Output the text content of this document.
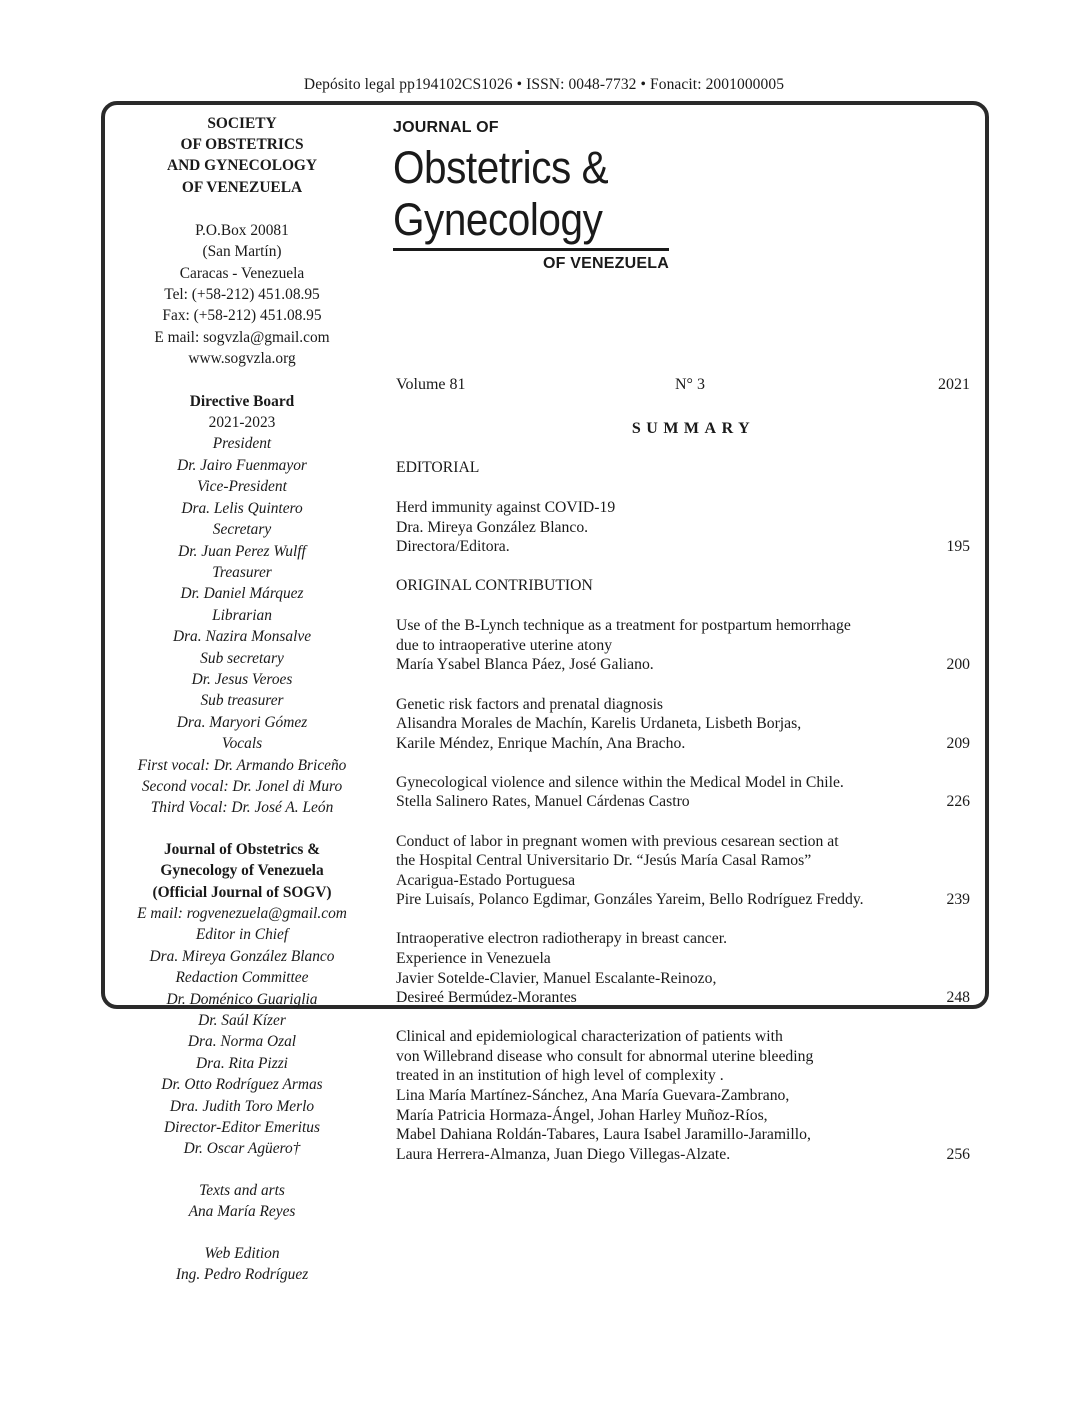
Depósito legal pp194102CS1026 • ISSN: 0048-7732 • Fonacit: 2001000005
SOCIETY
OF OBSTETRICS
AND GYNECOLOGY
OF VENEZUELA
P.O.Box 20081
(San Martín)
Caracas - Venezuela
Tel: (+58-212) 451.08.95
Fax: (+58-212) 451.08.95
E mail: sogvzla@gmail.com
www.sogvzla.org
Directive Board
2021-2023
President
Dr. Jairo Fuenmayor
Vice-President
Dra. Lelis Quintero
Secretary
Dr. Juan Perez Wulff
Treasurer
Dr. Daniel Márquez
Librarian
Dra. Nazira Monsalve
Sub secretary
Dr. Jesus Veroes
Sub treasurer
Dra. Maryori Gómez
Vocals
First vocal: Dr. Armando Briceño
Second vocal: Dr. Jonel di Muro
Third Vocal: Dr. José A. León
Journal of Obstetrics &
Gynecology of Venezuela
(Official Journal of SOGV)
E mail: rogvenezuela@gmail.com
Editor in Chief
Dra. Mireya González Blanco
Redaction Committee
Dr. Doménico Guariglia
Dr. Saúl Kízer
Dra. Norma Ozal
Dra. Rita Pizzi
Dr. Otto Rodríguez Armas
Dra. Judith Toro Merlo
Director-Editor Emeritus
Dr. Oscar Agüero†
Texts and arts
Ana María Reyes
Web Edition
Ing. Pedro Rodríguez
JOURNAL OF
Obstetrics &
Gynecology
OF VENEZUELA
Volume 81	N° 3	2021
SUMMARY
EDITORIAL
Herd immunity against COVID-19
Dra. Mireya González Blanco.
Directora/Editora.	195
ORIGINAL CONTRIBUTION
Use of the B-Lynch technique as a treatment for postpartum hemorrhage
due to intraoperative uterine atony
María Ysabel Blanca Páez, José Galiano.	200
Genetic risk factors and prenatal diagnosis
Alisandra Morales de Machín, Karelis Urdaneta, Lisbeth Borjas,
Karile Méndez, Enrique Machín, Ana Bracho.	209
Gynecological violence and silence within the Medical Model in Chile.
Stella Salinero Rates, Manuel Cárdenas Castro	226
Conduct of labor in pregnant women with previous cesarean section at
the Hospital Central Universitario Dr. “Jesús María Casal Ramos”
Acarigua-Estado Portuguesa
Pire Luisaís, Polanco Egdimar, Gonzáles Yareim, Bello Rodríguez Freddy.	239
Intraoperative electron radiotherapy in breast cancer.
Experience in Venezuela
Javier Sotelde-Clavier, Manuel Escalante-Reinozo,
Desireé Bermúdez-Morantes	248
Clinical and epidemiological characterization of patients with
von Willebrand disease who consult for abnormal uterine bleeding
treated in an institution of high level of complexity .
Lina María Martínez-Sánchez, Ana María Guevara-Zambrano,
María Patricia Hormaza-Ángel, Johan Harley Muñoz-Ríos,
Mabel Dahiana Roldán-Tabares, Laura Isabel Jaramillo-Jaramillo,
Laura Herrera-Almanza, Juan Diego Villegas-Alzate.	256
